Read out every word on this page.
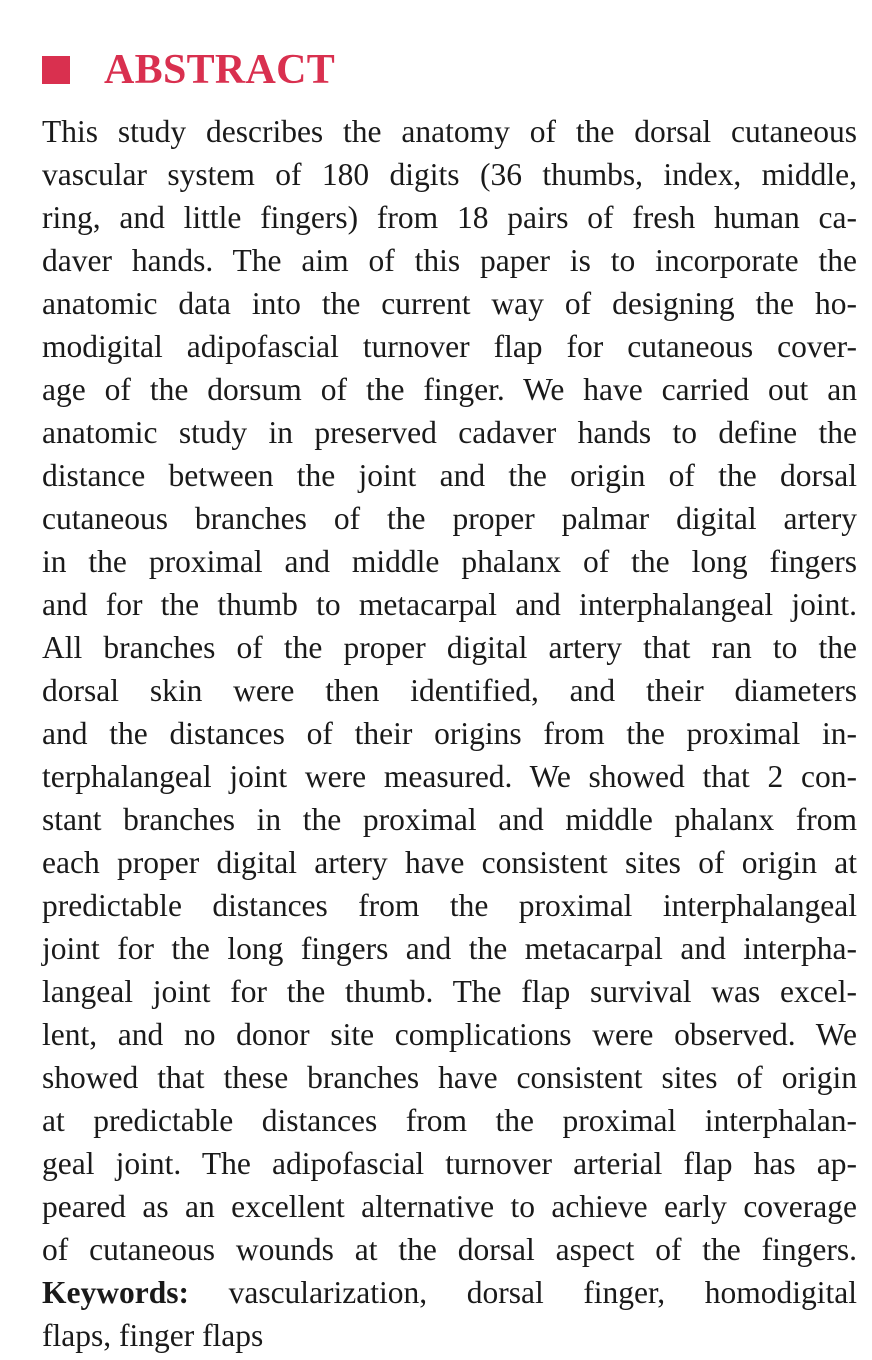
ABSTRACT
This study describes the anatomy of the dorsal cutaneous
vascular system of 180 digits (36 thumbs, index, middle,
ring, and little fingers) from 18 pairs of fresh human ca-
daver hands. The aim of this paper is to incorporate the
anatomic data into the current way of designing the ho-
modigital adipofascial turnover flap for cutaneous cover-
age of the dorsum of the finger. We have carried out an
anatomic study in preserved cadaver hands to define the
distance between the joint and the origin of the dorsal
cutaneous branches of the proper palmar digital artery
in the proximal and middle phalanx of the long fingers
and for the thumb to metacarpal and interphalangeal joint.
All branches of the proper digital artery that ran to the
dorsal skin were then identified, and their diameters
and the distances of their origins from the proximal in-
terphalangeal joint were measured. We showed that 2 con-
stant branches in the proximal and middle phalanx from
each proper digital artery have consistent sites of origin at
predictable distances from the proximal interphalangeal
joint for the long fingers and the metacarpal and interpha-
langeal joint for the thumb. The flap survival was excel-
lent, and no donor site complications were observed. We
showed that these branches have consistent sites of origin
at predictable distances from the proximal interphalan-
geal joint. The adipofascial turnover arterial flap has ap-
peared as an excellent alternative to achieve early coverage
of cutaneous wounds at the dorsal aspect of the fingers.
Keywords: vascularization, dorsal finger, homodigital
flaps, finger flaps
